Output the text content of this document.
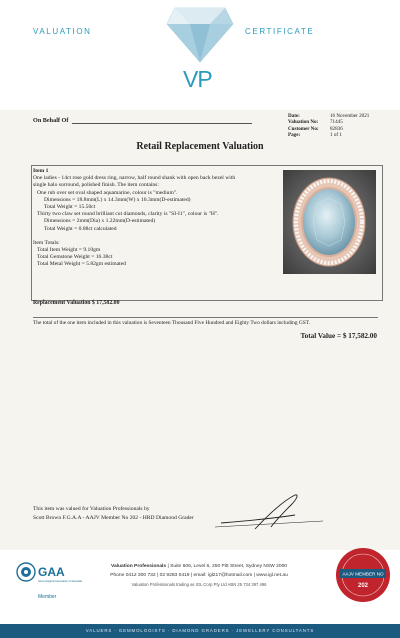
VALUATION
VP
CERTIFICATE
On Behalf Of
Date:	16 November 2021
Valuation No:	71445
Customer No:	82836
Page:	1 of 1
Retail Replacement Valuation
Item 1
One ladies - 14ct rose gold dress ring, narrow, half round shank with open back bezel with
single halo surround, polished finish. The item contains:
One rub over set oval shaped aquamarine, colour is "medium".
Dimensions = 18.8mm(L) x 14.3mm(W) x 10.3mm(D-estimated)
Total Weight = 15.50ct
Thirty two claw set round brilliant cut diamonds, clarity is "SI-I1", colour is "H".
Dimensions = 2mm(Dia) x 1.22mm(D-estimated)
Total Weight = 0.88ct calculated
Item Totals:
Total Item Weight = 9.10gm
Total Gemstone Weight = 16.38ct
Total Metal Weight = 5.82gm estimated
Replacement Valuation $ 17,582.00
The total of the one item included in this valuation is Seventeen Thousand Five Hundred and Eighty Two dollars including GST.
Total Value = $ 17,582.00
This item was valued for Valuation Professionals by
Scott Brown F.G.A.A - AAJV Member No 202 - HRD Diamond Grader
GAA
Gemmological Association of Australia
Member
Valuation Professionals | Suite 606, Level 6, 250 Pitt Street, Sydney NSW 2000
Phone 0412 300 732 | 02 9283 0419 | email: igl217@hotmail.com | www.igl.net.au
Valuation Professionals trading as IGL Corp Pty Ltd ABN 25 734 397 496
AAJV MEMBER NO
202
VALUERS · GEMMOLOGISTS · DIAMOND GRADERS · JEWELLERY CONSULTANTS
